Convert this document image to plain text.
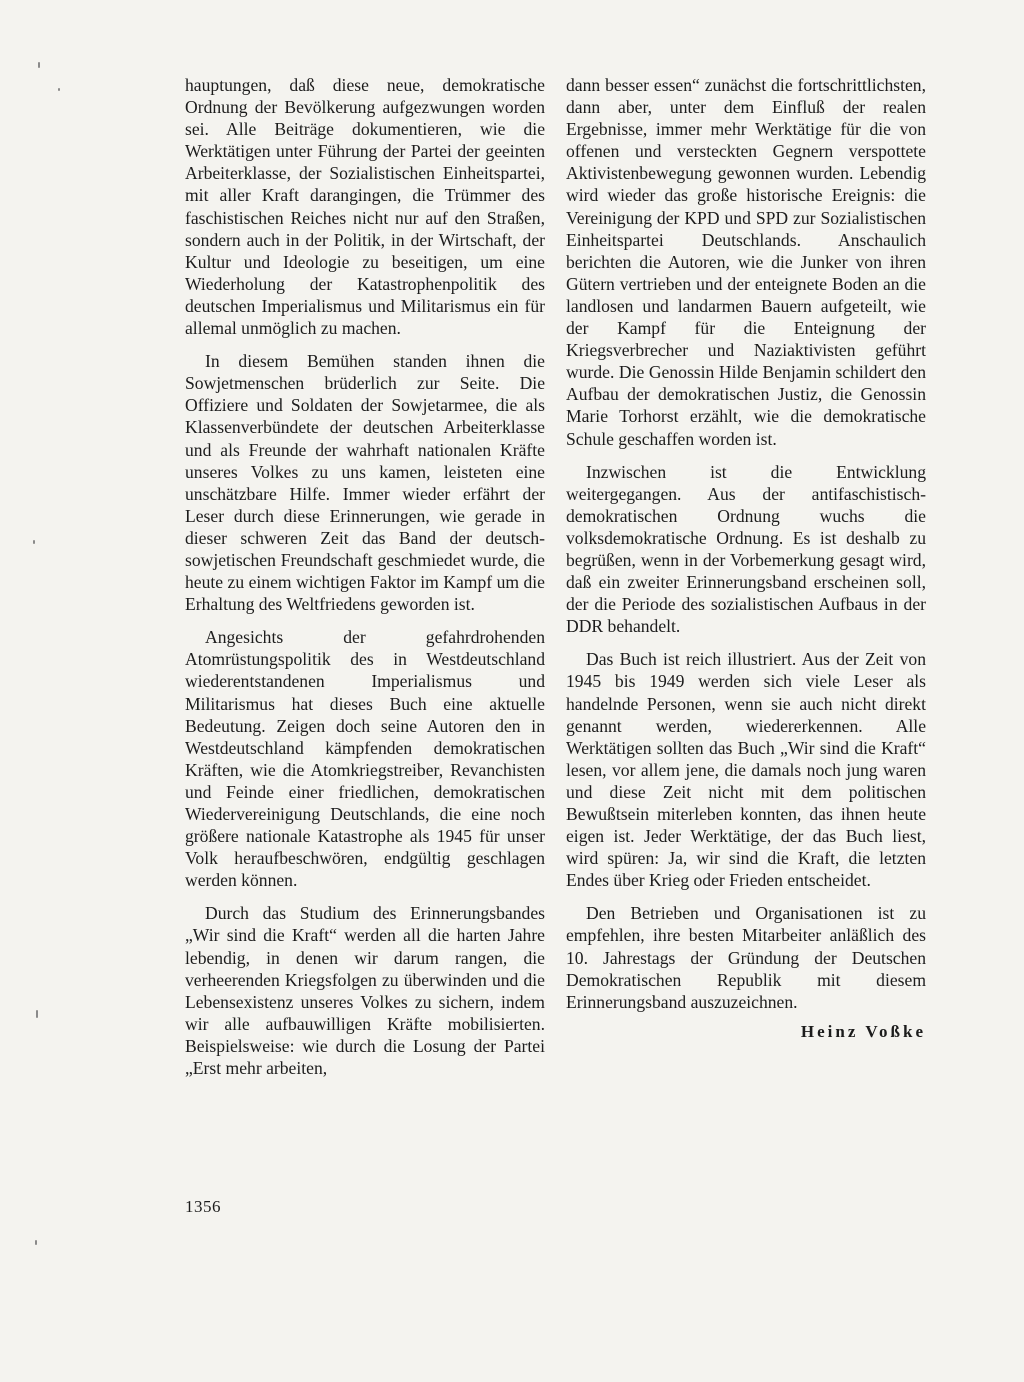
hauptungen, daß diese neue, demokratische Ordnung der Bevölkerung aufgezwungen worden sei. Alle Beiträge dokumentieren, wie die Werktätigen unter Führung der Partei der geeinten Arbeiterklasse, der Sozialistischen Einheitspartei, mit aller Kraft darangingen, die Trümmer des faschistischen Reiches nicht nur auf den Straßen, sondern auch in der Politik, in der Wirtschaft, der Kultur und Ideologie zu beseitigen, um eine Wiederholung der Katastrophenpolitik des deutschen Imperialismus und Militarismus ein für allemal unmöglich zu machen.

In diesem Bemühen standen ihnen die Sowjetmenschen brüderlich zur Seite. Die Offiziere und Soldaten der Sowjetarmee, die als Klassenverbündete der deutschen Arbeiterklasse und als Freunde der wahrhaft nationalen Kräfte unseres Volkes zu uns kamen, leisteten eine unschätzbare Hilfe. Immer wieder erfährt der Leser durch diese Erinnerungen, wie gerade in dieser schweren Zeit das Band der deutsch-sowjetischen Freundschaft geschmiedet wurde, die heute zu einem wichtigen Faktor im Kampf um die Erhaltung des Weltfriedens geworden ist.

Angesichts der gefahrdrohenden Atomrüstungspolitik des in Westdeutschland wiederentstandenen Imperialismus und Militarismus hat dieses Buch eine aktuelle Bedeutung. Zeigen doch seine Autoren den in Westdeutschland kämpfenden demokratischen Kräften, wie die Atomkriegstreiber, Revanchisten und Feinde einer friedlichen, demokratischen Wiedervereinigung Deutschlands, die eine noch größere nationale Katastrophe als 1945 für unser Volk heraufbeschwören, endgültig geschlagen werden können.

Durch das Studium des Erinnerungsbandes „Wir sind die Kraft“ werden all die harten Jahre lebendig, in denen wir darum rangen, die verheerenden Kriegsfolgen zu überwinden und die Lebensexistenz unseres Volkes zu sichern, indem wir alle aufbauwilligen Kräfte mobilisierten. Beispielsweise: wie durch die Losung der Partei „Erst mehr arbeiten,

dann besser essen“ zunächst die fortschrittlichsten, dann aber, unter dem Einfluß der realen Ergebnisse, immer mehr Werktätige für die von offenen und versteckten Gegnern verspottete Aktivistenbewegung gewonnen wurden. Lebendig wird wieder das große historische Ereignis: die Vereinigung der KPD und SPD zur Sozialistischen Einheitspartei Deutschlands. Anschaulich berichten die Autoren, wie die Junker von ihren Gütern vertrieben und der enteignete Boden an die landlosen und landarmen Bauern aufgeteilt, wie der Kampf für die Enteignung der Kriegsverbrecher und Naziaktivisten geführt wurde. Die Genossin Hilde Benjamin schildert den Aufbau der demokratischen Justiz, die Genossin Marie Torhorst erzählt, wie die demokratische Schule geschaffen worden ist.

Inzwischen ist die Entwicklung weitergegangen. Aus der antifaschistisch-demokratischen Ordnung wuchs die volksdemokratische Ordnung. Es ist deshalb zu begrüßen, wenn in der Vorbemerkung gesagt wird, daß ein zweiter Erinnerungsband erscheinen soll, der die Periode des sozialistischen Aufbaus in der DDR behandelt.

Das Buch ist reich illustriert. Aus der Zeit von 1945 bis 1949 werden sich viele Leser als handelnde Personen, wenn sie auch nicht direkt genannt werden, wiedererkennen. Alle Werktätigen sollten das Buch „Wir sind die Kraft“ lesen, vor allem jene, die damals noch jung waren und diese Zeit nicht mit dem politischen Bewußtsein miterleben konnten, das ihnen heute eigen ist. Jeder Werktätige, der das Buch liest, wird spüren: Ja, wir sind die Kraft, die letzten Endes über Krieg oder Frieden entscheidet.

Den Betrieben und Organisationen ist zu empfehlen, ihre besten Mitarbeiter anläßlich des 10. Jahrestags der Gründung der Deutschen Demokratischen Republik mit diesem Erinnerungsband auszuzeichnen.

Heinz Voßke
1356
